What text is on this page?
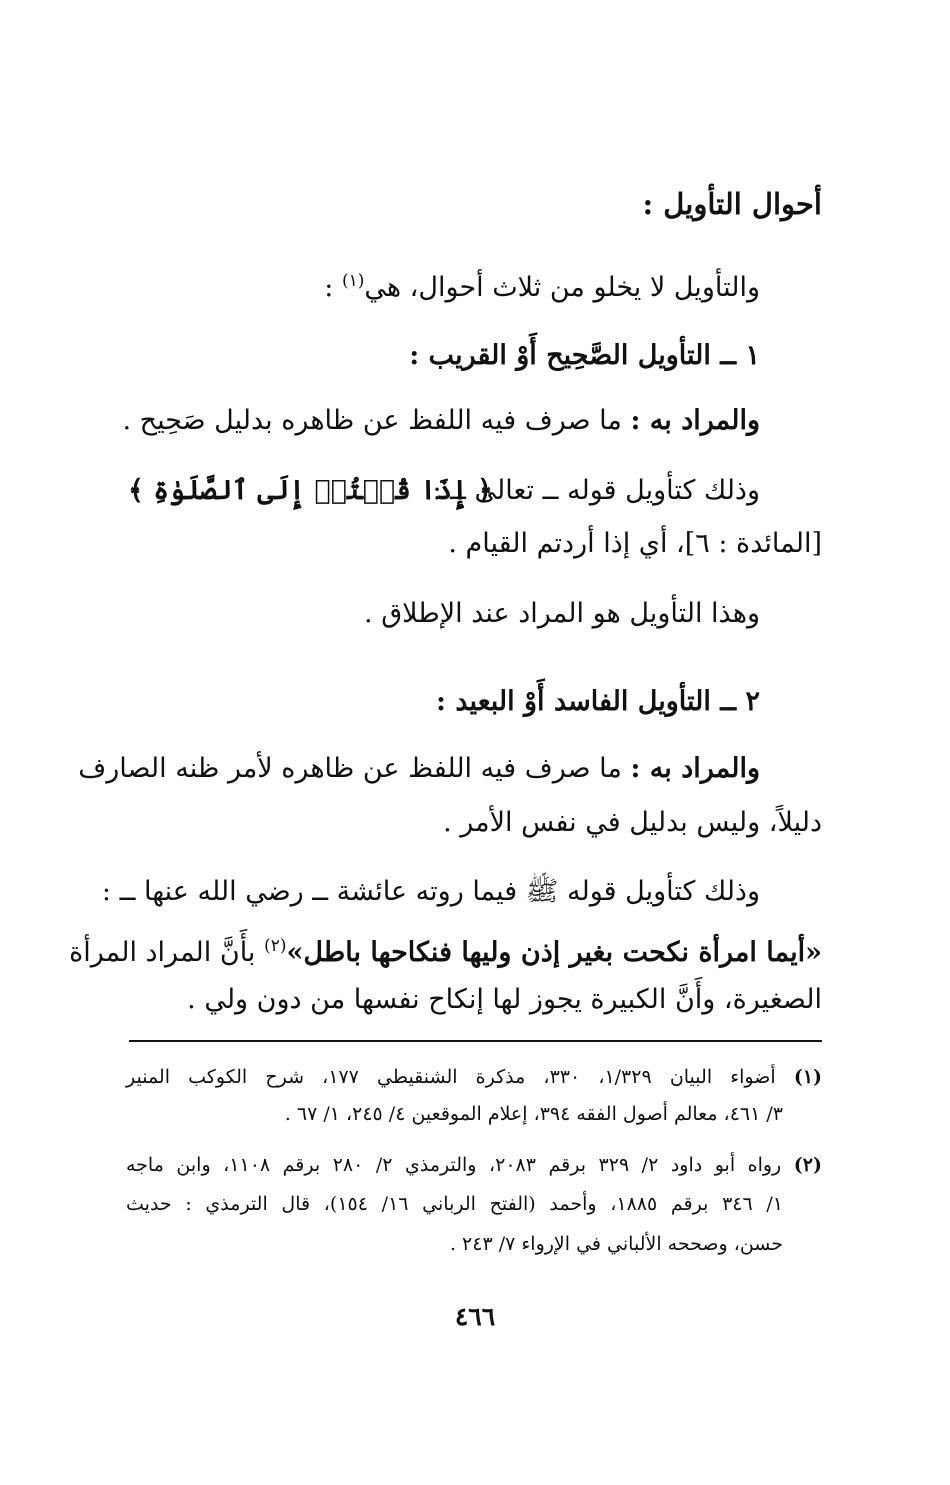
أحوال التأويل :
والتأويل لا يخلو من ثلاث أحوال، هي$^{(١)}$ :
١ ــ التأويل الصَّحِيح أَوْ القريب :
والمراد به : ما صرف فيه اللفظ عن ظاهره بدليل صَحِيح .
وذلك كتأويل قوله ــ تعالى ــ :
﴿ إِذَا قُمۡتُمۡ إِلَى ٱلصَّلَوٰةِ ﴾
[المائدة : ٦]، أي إذا أردتم القيام .
وهذا التأويل هو المراد عند الإطلاق .
٢ ــ التأويل الفاسد أَوْ البعيد :
والمراد به : ما صرف فيه اللفظ عن ظاهره لأمر ظنه الصارف
دليلاً، وليس بدليل في نفس الأمر .
وذلك كتأويل قوله ﷺ فيما روته عائشة ــ رضي الله عنها ــ :
«أيما امرأة نكحت بغير إذن وليها فنكاحها باطل»$^{(٢)}$ بأَنَّ المراد المرأة
الصغيرة، وأَنَّ الكبيرة يجوز لها إنكاح نفسها من دون ولي .
(١) أضواء البيان ١/٣٢٩، ٣٣٠، مذكرة الشنقيطي ١٧٧، شرح الكوكب المنير
٣/ ٤٦١، معالم أصول الفقه ٣٩٤، إعلام الموقعين ٤/ ٢٤٥، ١/ ٦٧ .
(٢) رواه أبو داود ٢/ ٣٢٩ برقم ٢٠٨٣، والترمذي ٢/ ٢٨٠ برقم ١١٠٨، وابن ماجه
١/ ٣٤٦ برقم ١٨٨٥، وأحمد (الفتح الرباني ١٦/ ١٥٤)، قال الترمذي : حديث
حسن، وصححه الألباني في الإرواء ٧/ ٢٤٣ .
٤٦٦
